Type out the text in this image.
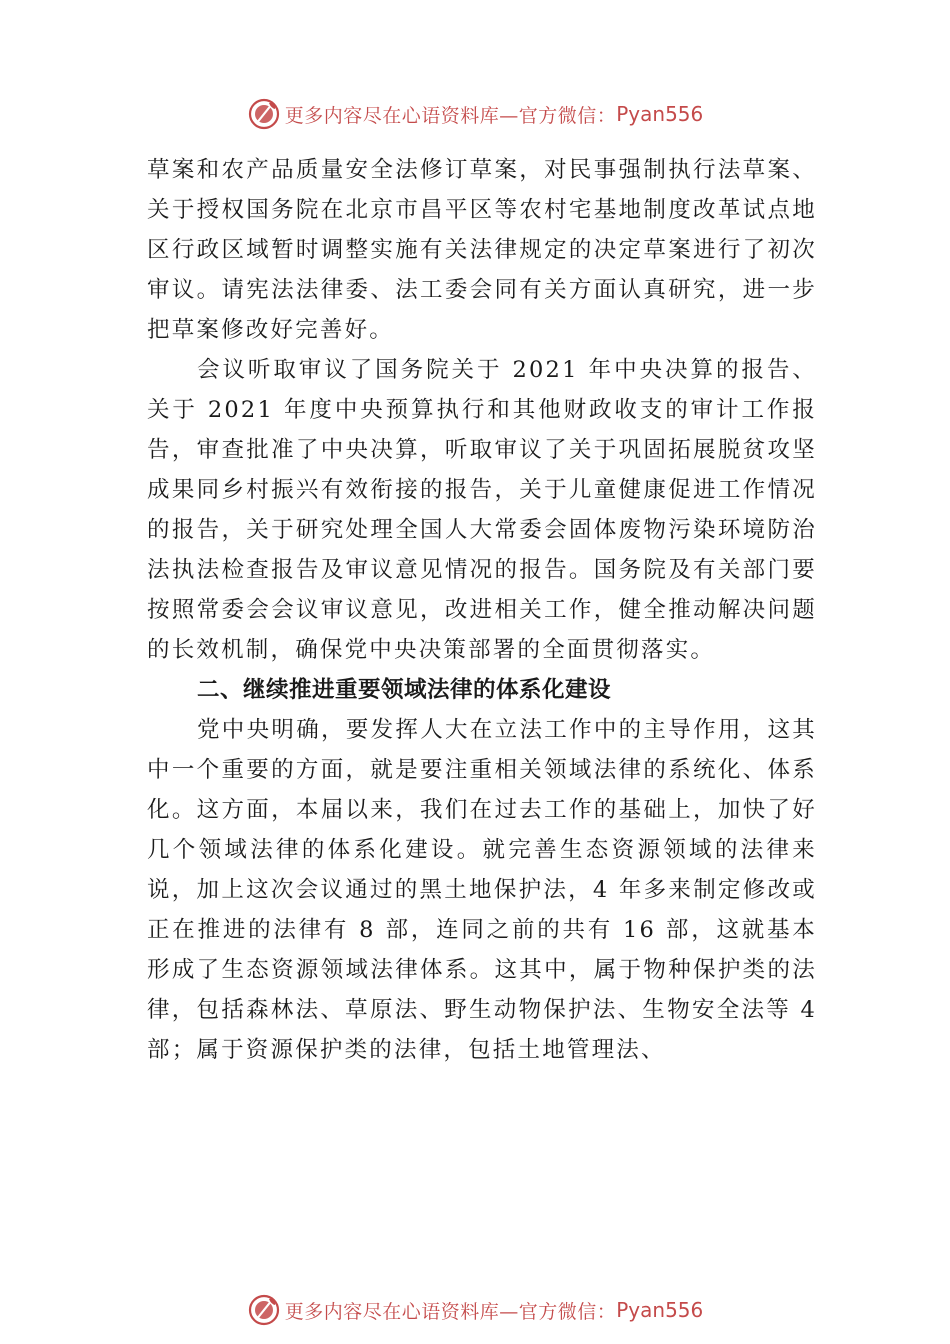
更多内容尽在心语资料库—官方微信： Pyan556

草案和农产品质量安全法修订草案，对民事强制执行法草案、关于授权国务院在北京市昌平区等农村宅基地制度改革试点地区行政区域暂时调整实施有关法律规定的决定草案进行了初次审议。请宪法法律委、法工委会同有关方面认真研究，进一步把草案修改好完善好。

会议听取审议了国务院关于 2021 年中央决算的报告、关于 2021 年度中央预算执行和其他财政收支的审计工作报告，审查批准了中央决算，听取审议了关于巩固拓展脱贫攻坚成果同乡村振兴有效衔接的报告，关于儿童健康促进工作情况的报告，关于研究处理全国人大常委会固体废物污染环境防治法执法检查报告及审议意见情况的报告。国务院及有关部门要按照常委会会议审议意见，改进相关工作，健全推动解决问题的长效机制，确保党中央决策部署的全面贯彻落实。

二、继续推进重要领域法律的体系化建设

党中央明确，要发挥人大在立法工作中的主导作用，这其中一个重要的方面，就是要注重相关领域法律的系统化、体系化。这方面，本届以来，我们在过去工作的基础上，加快了好几个领域法律的体系化建设。就完善生态资源领域的法律来说，加上这次会议通过的黑土地保护法，4 年多来制定修改或正在推进的法律有 8 部，连同之前的共有 16 部，这就基本形成了生态资源领域法律体系。这其中，属于物种保护类的法律，包括森林法、草原法、野生动物保护法、生物安全法等 4 部；属于资源保护类的法律，包括土地管理法、

更多内容尽在心语资料库—官方微信： Pyan556
